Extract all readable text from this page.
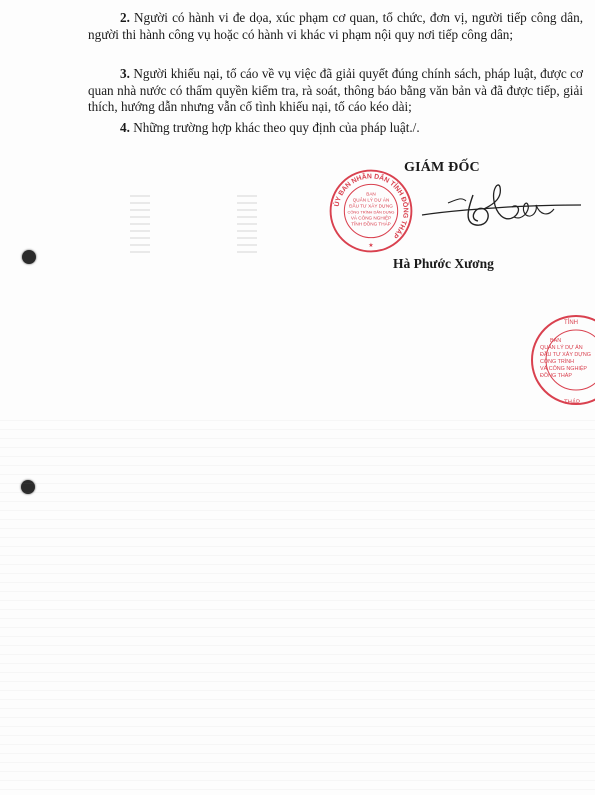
2. Người có hành vi đe dọa, xúc phạm cơ quan, tổ chức, đơn vị, người tiếp công dân, người thi hành công vụ hoặc có hành vi khác vi phạm nội quy nơi tiếp công dân;

3. Người khiếu nại, tố cáo về vụ việc đã giải quyết đúng chính sách, pháp luật, được cơ quan nhà nước có thẩm quyền kiểm tra, rà soát, thông báo bằng văn bản và đã được tiếp, giải thích, hướng dẫn nhưng vẫn cố tình khiếu nại, tố cáo kéo dài;

4. Những trường hợp khác theo quy định của pháp luật./.

GIÁM ĐỐC
ỦY BAN NHÂN DÂN TỈNH ĐỒNG THÁP
BAN
QUẢN LÝ DỰ ÁN
ĐẦU TƯ XÂY DỰNG
CÔNG TRÌNH DÂN DỤNG
VÀ CÔNG NGHIỆP
TỈNH ĐỒNG THÁP
★
Hà Phước Xương
BAN
QUẢN LÝ DỰ ÁN
ĐẦU TƯ XÂY DỰNG
CÔNG TRÌNH
VÀ CÔNG NGHIỆP
ĐỒNG THÁP
TỈNH
THÁP
